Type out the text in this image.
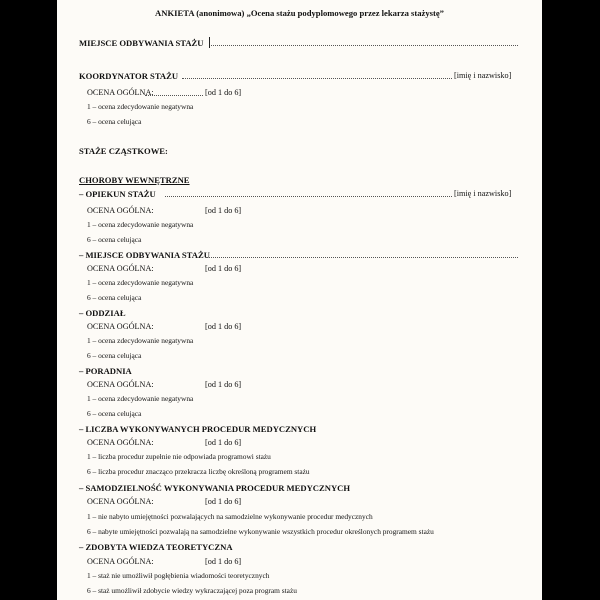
ANKIETA (anonimowa) „Ocena stażu podyplomowego przez lekarza stażystę”
MIEJSCE ODBYWANIA STAŻU
KOORDYNATOR STAŻU	[imię i nazwisko]
OCENA OGÓLNA:	[od 1 do 6]
1 – ocena zdecydowanie negatywna
6 – ocena celująca
STAŻE CZĄSTKOWE:
CHOROBY WEWNĘTRZNE
– OPIEKUN STAŻU	[imię i nazwisko]
OCENA OGÓLNA:	[od 1 do 6]
1 – ocena zdecydowanie negatywna
6 – ocena celująca
– MIEJSCE ODBYWANIA STAŻU
OCENA OGÓLNA:	[od 1 do 6]
1 – ocena zdecydowanie negatywna
6 – ocena celująca
– ODDZIAŁ
OCENA OGÓLNA:	[od 1 do 6]
1 – ocena zdecydowanie negatywna
6 – ocena celująca
– PORADNIA
OCENA OGÓLNA:	[od 1 do 6]
1 – ocena zdecydowanie negatywna
6 – ocena celująca
– LICZBA WYKONYWANYCH PROCEDUR MEDYCZNYCH
OCENA OGÓLNA:	[od 1 do 6]
1 – liczba procedur zupełnie nie odpowiada programowi stażu
6 – liczba procedur znacząco przekracza liczbę określoną programem stażu
– SAMODZIELNOŚĆ WYKONYWANIA PROCEDUR MEDYCZNYCH
OCENA OGÓLNA:	[od 1 do 6]
1 – nie nabyto umiejętności pozwalających na samodzielne wykonywanie procedur medycznych
6 – nabyte umiejętności pozwalają na samodzielne wykonywanie wszystkich procedur określonych programem stażu
– ZDOBYTA WIEDZA TEORETYCZNA
OCENA OGÓLNA:	[od 1 do 6]
1 – staż nie umożliwił pogłębienia wiadomości teoretycznych
6 – staż umożliwił zdobycie wiedzy wykraczającej poza program stażu
